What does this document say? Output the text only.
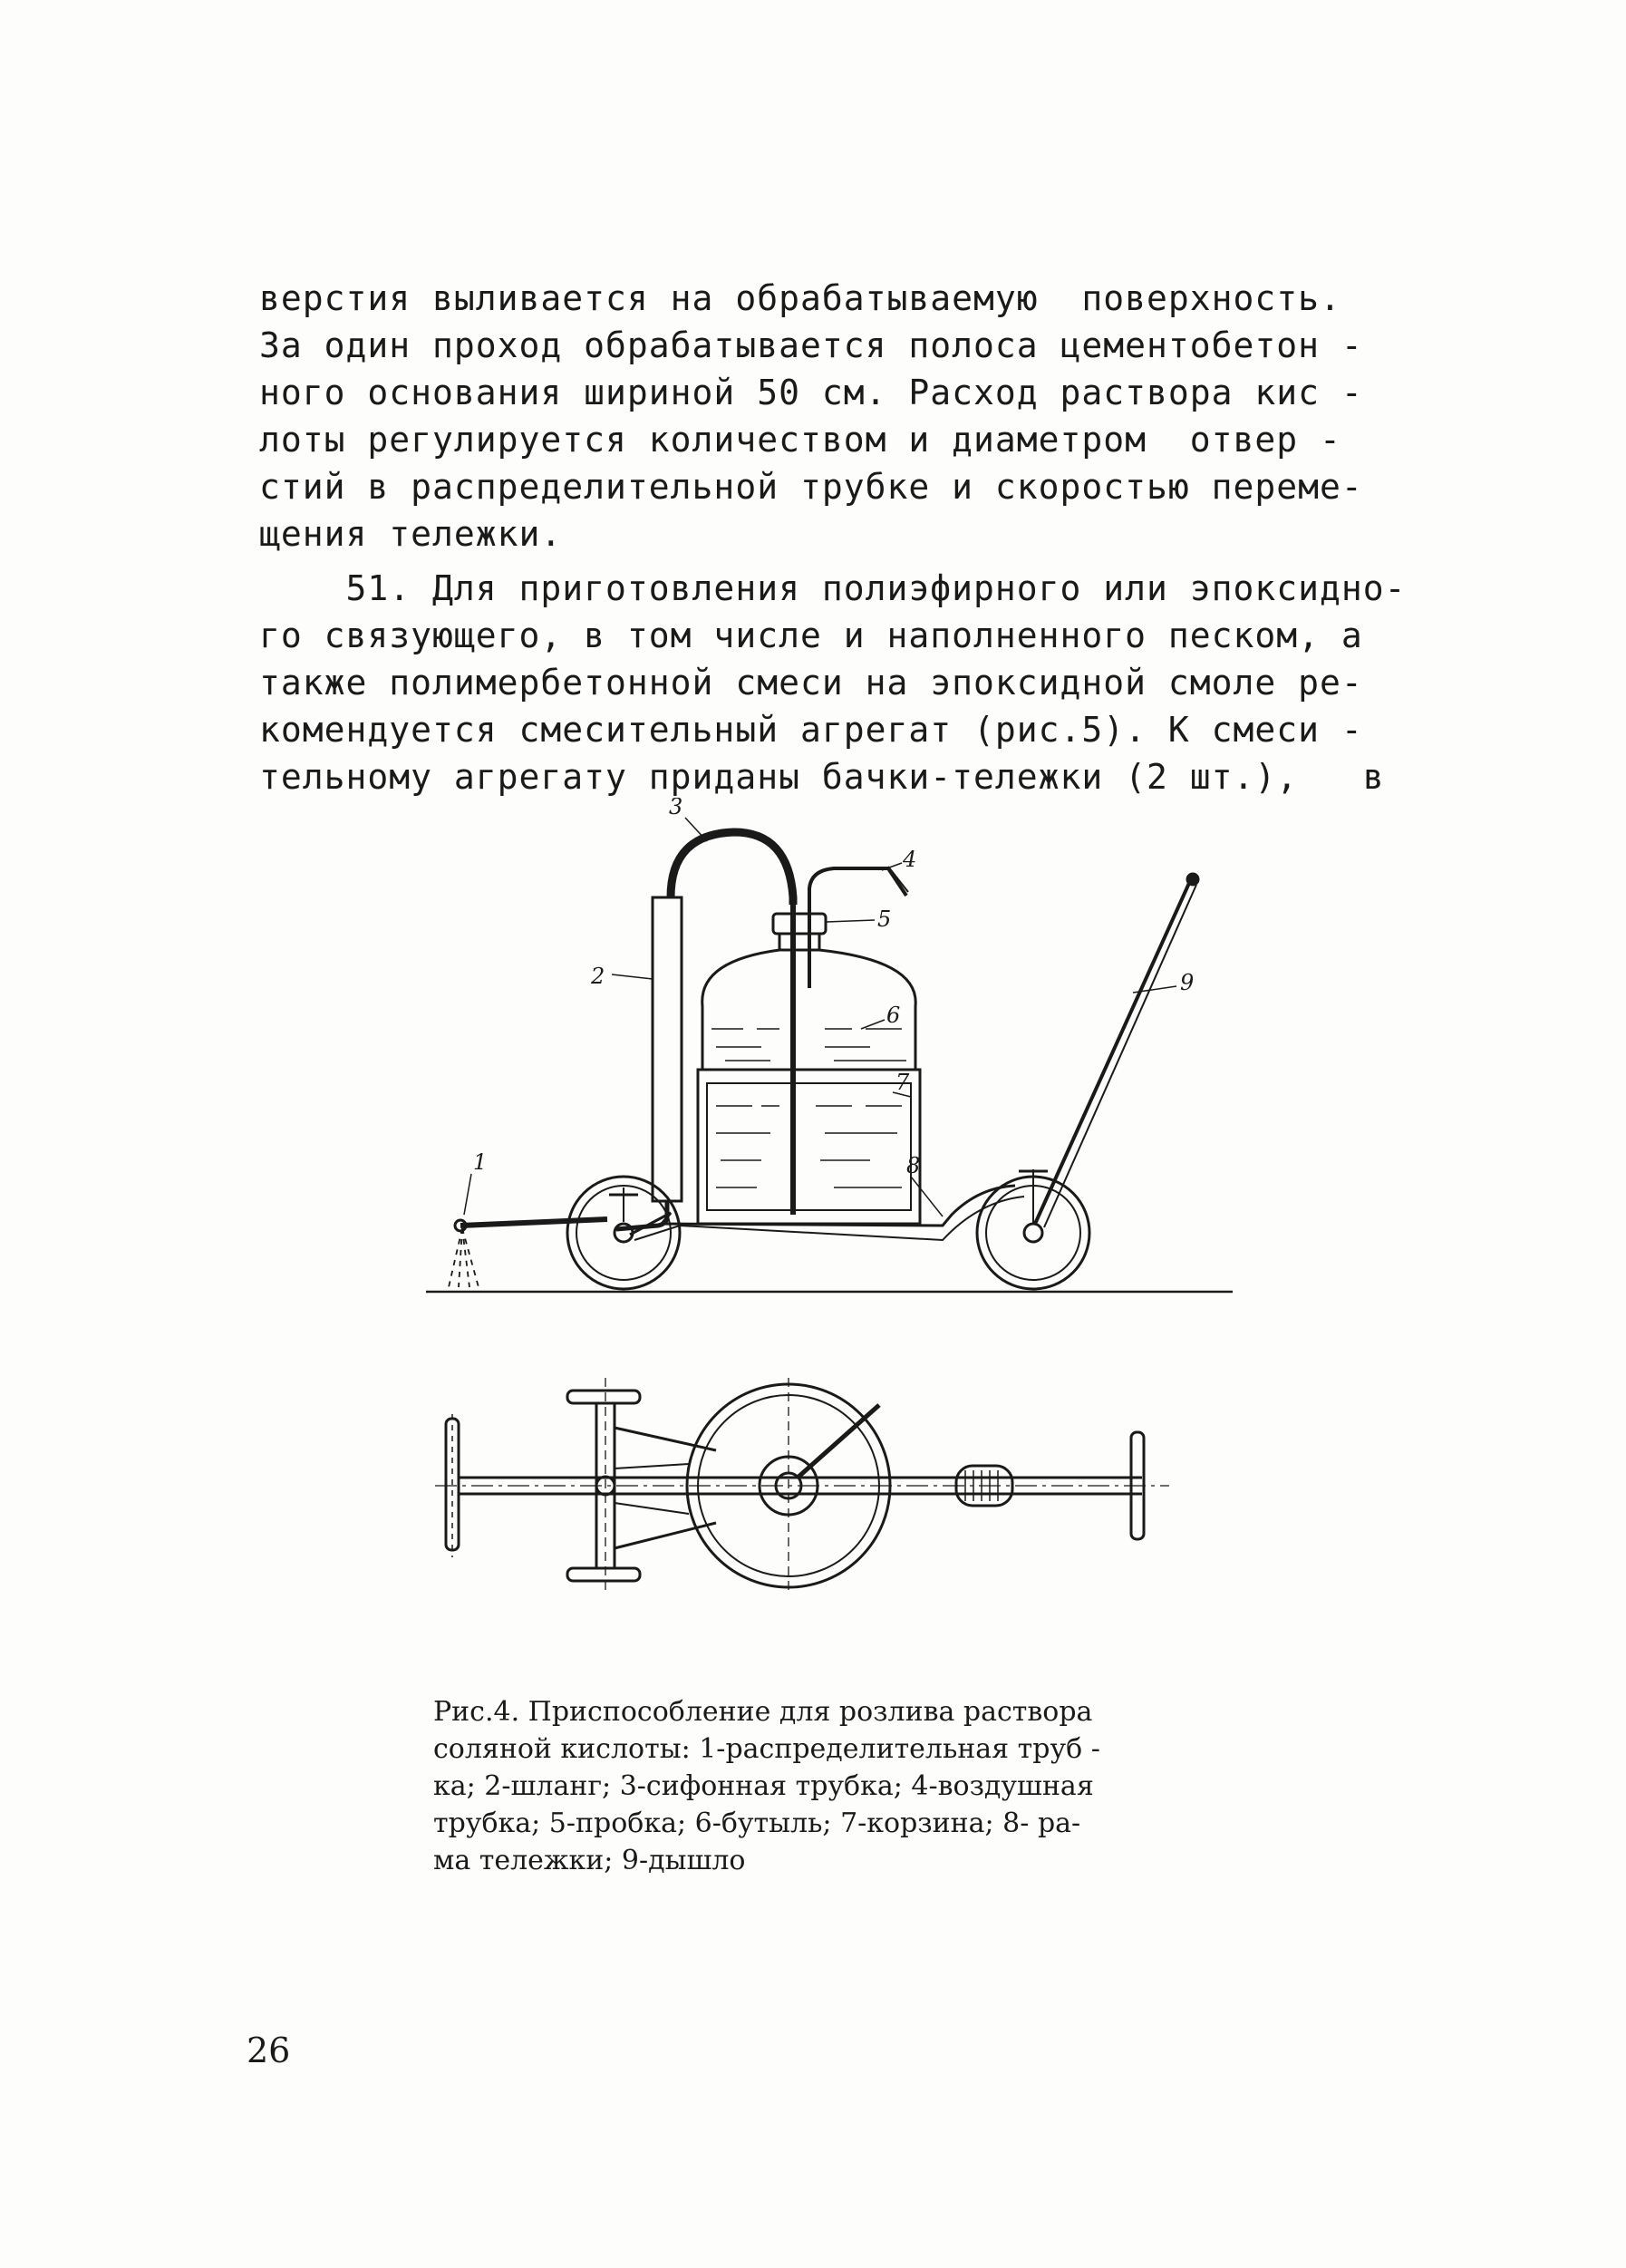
верстия выливается на обрабатываемую  поверхность.
За один проход обрабатывается полоса цементобетон -
ного основания шириной 50 см. Расход раствора кис -
лоты регулируется количеством и диаметром  отвер -
стий в распределительной трубке и скоростью переме-
щения тележки.
51. Для приготовления полиэфирного или эпоксидно-
го связующего, в том числе и наполненного песком, а
также полимербетонной смеси на эпоксидной смоле ре-
комендуется смесительный агрегат (рис.5). К смеси -
тельному агрегату приданы бачки-тележки (2 шт.),   в
1
2
3
4
5
6
7
8
9
Рис.4. Приспособление для розлива раствора
соляной кислоты: 1-распределительная труб -
ка; 2-шланг; 3-сифонная трубка; 4-воздушная
трубка; 5-пробка; 6-бутыль; 7-корзина; 8- ра-
ма тележки; 9-дышло
26
